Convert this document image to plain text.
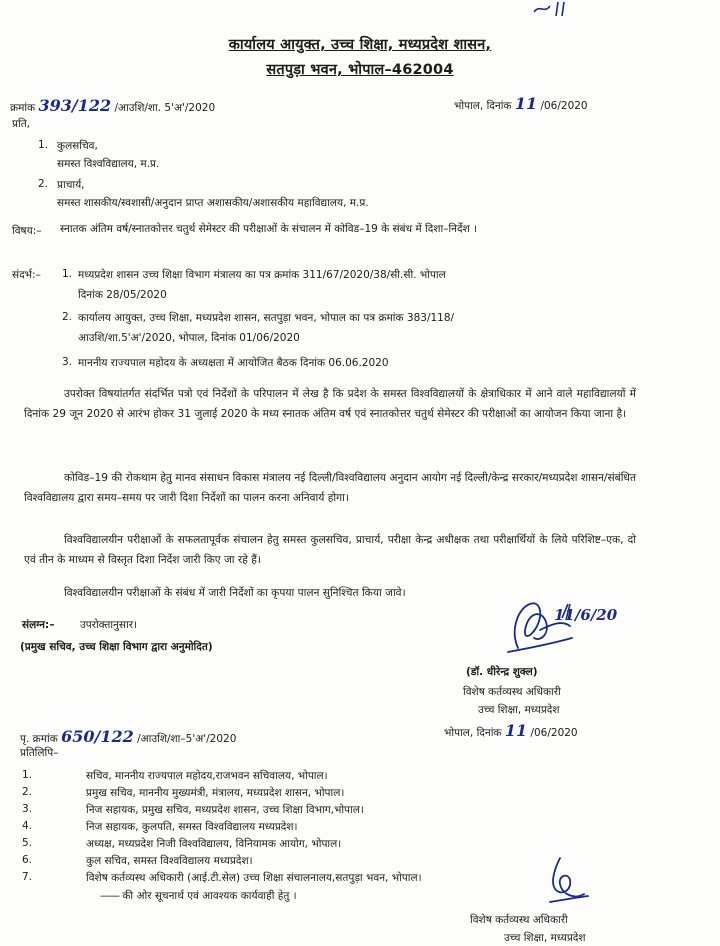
कार्यालय आयुक्त, उच्च शिक्षा, मध्यप्रदेश शासन,
सतपुड़ा भवन, भोपाल–462004
क्रमांक 393/122 /आउशि/शा. 5'अ'/2020	भोपाल, दिनांक 11 /06/2020
प्रति,
1. कुलसचिव,
समस्त विश्वविद्यालय, म.प्र.
2. प्राचार्य,
समस्त शासकीय/स्वशासी/अनुदान प्राप्त अशासकीय/अशासकीय महाविद्यालय, म.प्र.
विषय:– स्नातक अंतिम वर्ष/स्नातकोत्तर चतुर्थ सेमेस्टर की परीक्षाओं के संचालन में कोविड–19 के संबंध में दिशा–निर्देश ।
संदर्भ:– 1. मध्यप्रदेश शासन उच्च शिक्षा विभाग मंत्रालय का पत्र क्रमांक 311/67/2020/38/सी.सी. भोपाल
दिनांक 28/05/2020
2. कार्यालय आयुक्त, उच्च शिक्षा, मध्यप्रदेश शासन, सतपुड़ा भवन, भोपाल का पत्र क्रमांक 383/118/
आउशि/शा.5'अ'/2020, भोपाल, दिनांक 01/06/2020
3. माननीय राज्यपाल महोदय के अध्यक्षता में आयोजित बैठक दिनांक 06.06.2020
उपरोक्त विषयांतर्गत संदर्भित पत्रो एवं निर्देशों के परिपालन में लेख है कि प्रदेश के समस्त विश्वविद्यालयों के क्षेत्राधिकार में आने वाले महाविद्यालयों में दिनांक 29 जून 2020 से आरंभ होकर 31 जुलाई 2020 के मध्य स्नातक अंतिम वर्ष एवं स्नातकोत्तर चतुर्थ सेमेस्टर की परीक्षाओं का आयोजन किया जाना है।
कोविड–19 की रोकथाम हेतु मानव संसाधन विकास मंत्रालय नई दिल्ली/विश्वविद्यालय अनुदान आयोग नई दिल्ली/केन्द्र सरकार/मध्यप्रदेश शासन/संबंधित विश्वविद्यालय द्वारा समय–समय पर जारी दिशा निर्देशों का पालन करना अनिवार्य होगा।
विश्वविद्यालयीन परीक्षाओं के सफलतापूर्वक संचालन हेतु समस्त कुलसचिव, प्राचार्य, परीक्षा केन्द्र अधीक्षक तथा परीक्षार्थियों के लिये परिशिष्ट–एक, दो एवं तीन के माध्यम से विस्तृत दिशा निर्देश जारी किए जा रहे हैं।
विश्वविद्यालयीन परीक्षाओं के संबंध में जारी निर्देशों का कृपया पालन सुनिश्चित किया जावे।
संलग्न:– उपरोक्तानुसार।
(प्रमुख सचिव, उच्च शिक्षा विभाग द्वारा अनुमोदित)
11/6/20
(डॉ. धीरेन्द्र शुक्ल)
विशेष कर्तव्यस्थ अधिकारी
उच्च शिक्षा, मध्यप्रदेश
भोपाल, दिनांक 11 /06/2020
पृ. क्रमांक 650/122 /आउशि/शा–5'अ'/2020
प्रतिलिपि–
1.	सचिव, माननीय राज्यपाल महोदय,राजभवन सचिवालय, भोपाल।
2.	प्रमुख सचिव, माननीय मुख्यमंत्री, मंत्रालय, मध्यप्रदेश शासन, भोपाल।
3.	निज सहायक, प्रमुख सचिव, मध्यप्रदेश शासन, उच्च शिक्षा विभाग,भोपाल।
4.	निज सहायक, कुलपति, समस्त विश्वविद्यालय मध्यप्रदेश।
5.	अध्यक्ष, मध्यप्रदेश निजी विश्वविद्यालय, विनियामक आयोग, भोपाल।
6.	कुल सचिव, समस्त विश्वविद्यालय मध्यप्रदेश।
7.	विशेष कर्तव्यस्थ अधिकारी (आई.टी.सेल) उच्च शिक्षा संचालनालय,सतपुड़ा भवन, भोपाल।
—— की ओर सूचनार्थ एवं आवश्यक कार्यवाही हेतु ।
विशेष कर्तव्यस्थ अधिकारी
उच्च शिक्षा, मध्यप्रदेश
